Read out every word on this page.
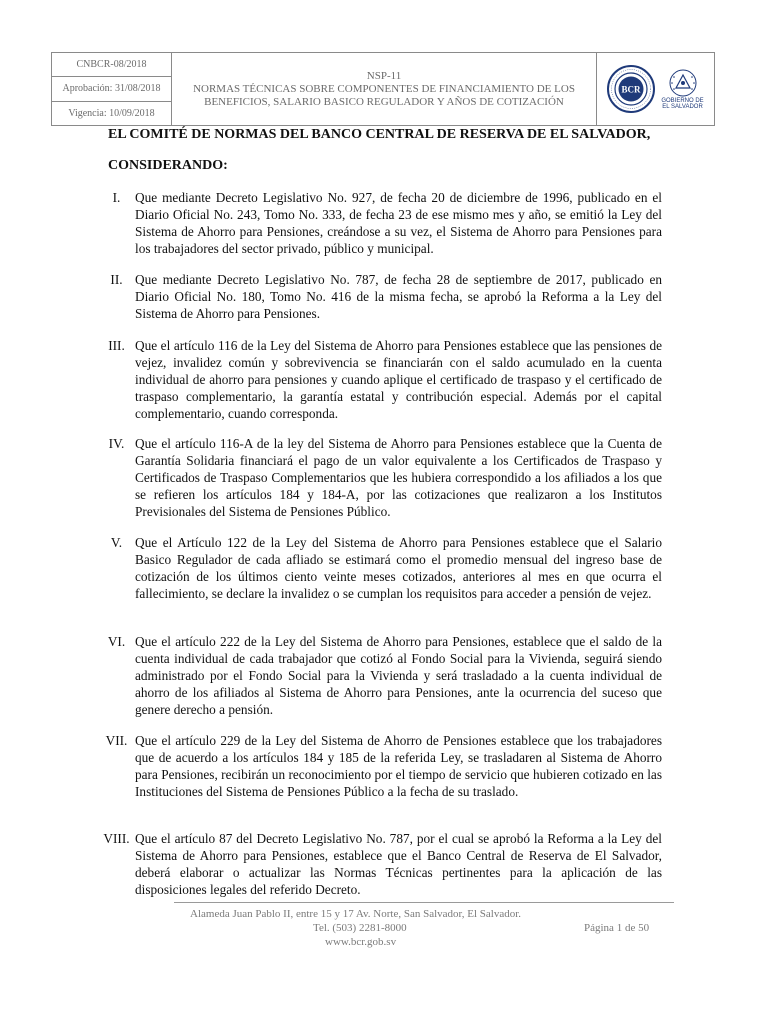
CNBCR-08/2018
Aprobación: 31/08/2018
Vigencia: 10/09/2018
NSP-11
NORMAS TÉCNICAS SOBRE COMPONENTES DE FINANCIAMIENTO DE LOS BENEFICIOS, SALARIO BASICO REGULADOR Y AÑOS DE COTIZACIÓN
BCR
GOBIERNO DE
EL SALVADOR
EL COMITÉ DE NORMAS DEL BANCO CENTRAL DE RESERVA DE EL SALVADOR,
CONSIDERANDO:
I.	Que mediante Decreto Legislativo No. 927, de fecha 20 de diciembre de 1996, publicado en el Diario Oficial No. 243, Tomo No. 333, de fecha 23 de ese mismo mes y año, se emitió la Ley del Sistema de Ahorro para Pensiones, creándose a su vez, el Sistema de Ahorro para Pensiones para los trabajadores del sector privado, público y municipal.
II. Que mediante Decreto Legislativo No. 787, de fecha 28 de septiembre de 2017, publicado en Diario Oficial No. 180, Tomo No. 416 de la misma fecha, se aprobó la Reforma a la Ley del Sistema de Ahorro para Pensiones.
III. Que el artículo 116 de la Ley del Sistema de Ahorro para Pensiones establece que las pensiones de vejez, invalidez común y sobrevivencia se financiarán con el saldo acumulado en la cuenta individual de ahorro para pensiones y cuando aplique el certificado de traspaso y el certificado de traspaso complementario, la garantía estatal y contribución especial. Además por el capital complementario, cuando corresponda.
IV. Que el artículo 116-A de la ley del Sistema de Ahorro para Pensiones establece que la Cuenta de Garantía Solidaria financiará el pago de un valor equivalente a los Certificados de Traspaso y Certificados de Traspaso Complementarios que les hubiera correspondido a los afiliados a los que se refieren los artículos 184 y 184-A, por las cotizaciones que realizaron a los Institutos Previsionales del Sistema de Pensiones Público.
V. Que el Artículo 122 de la Ley del Sistema de Ahorro para Pensiones establece que el Salario Basico Regulador de cada afliado se estimará como el promedio mensual del ingreso base de cotización de los últimos ciento veinte meses cotizados, anteriores al mes en que ocurra el fallecimiento, se declare la invalidez o se cumplan los requisitos para acceder a pensión de vejez.
VI. Que el artículo 222 de la Ley del Sistema de Ahorro para Pensiones, establece que el saldo de la cuenta individual de cada trabajador que cotizó al Fondo Social para la Vivienda, seguirá siendo administrado por el Fondo Social para la Vivienda y será trasladado a la cuenta individual de ahorro de los afiliados al Sistema de Ahorro para Pensiones, ante la ocurrencia del suceso que genere derecho a pensión.
VII. Que el artículo 229 de la Ley del Sistema de Ahorro de Pensiones establece que los trabajadores que de acuerdo a los artículos 184 y 185 de la referida Ley, se trasladaren al Sistema de Ahorro para Pensiones, recibirán un reconocimiento por el tiempo de servicio que hubieren cotizado en las Instituciones del Sistema de Pensiones Público a la fecha de su traslado.
VIII. Que el artículo 87 del Decreto Legislativo No. 787, por el cual se aprobó la Reforma a la Ley del Sistema de Ahorro para Pensiones, establece que el Banco Central de Reserva de El Salvador, deberá elaborar o actualizar las Normas Técnicas pertinentes para la aplicación de las disposiciones legales del referido Decreto.
Alameda Juan Pablo II, entre 15 y 17 Av. Norte, San Salvador, El Salvador.
Tel. (503) 2281-8000
www.bcr.gob.sv
Página 1 de 50
